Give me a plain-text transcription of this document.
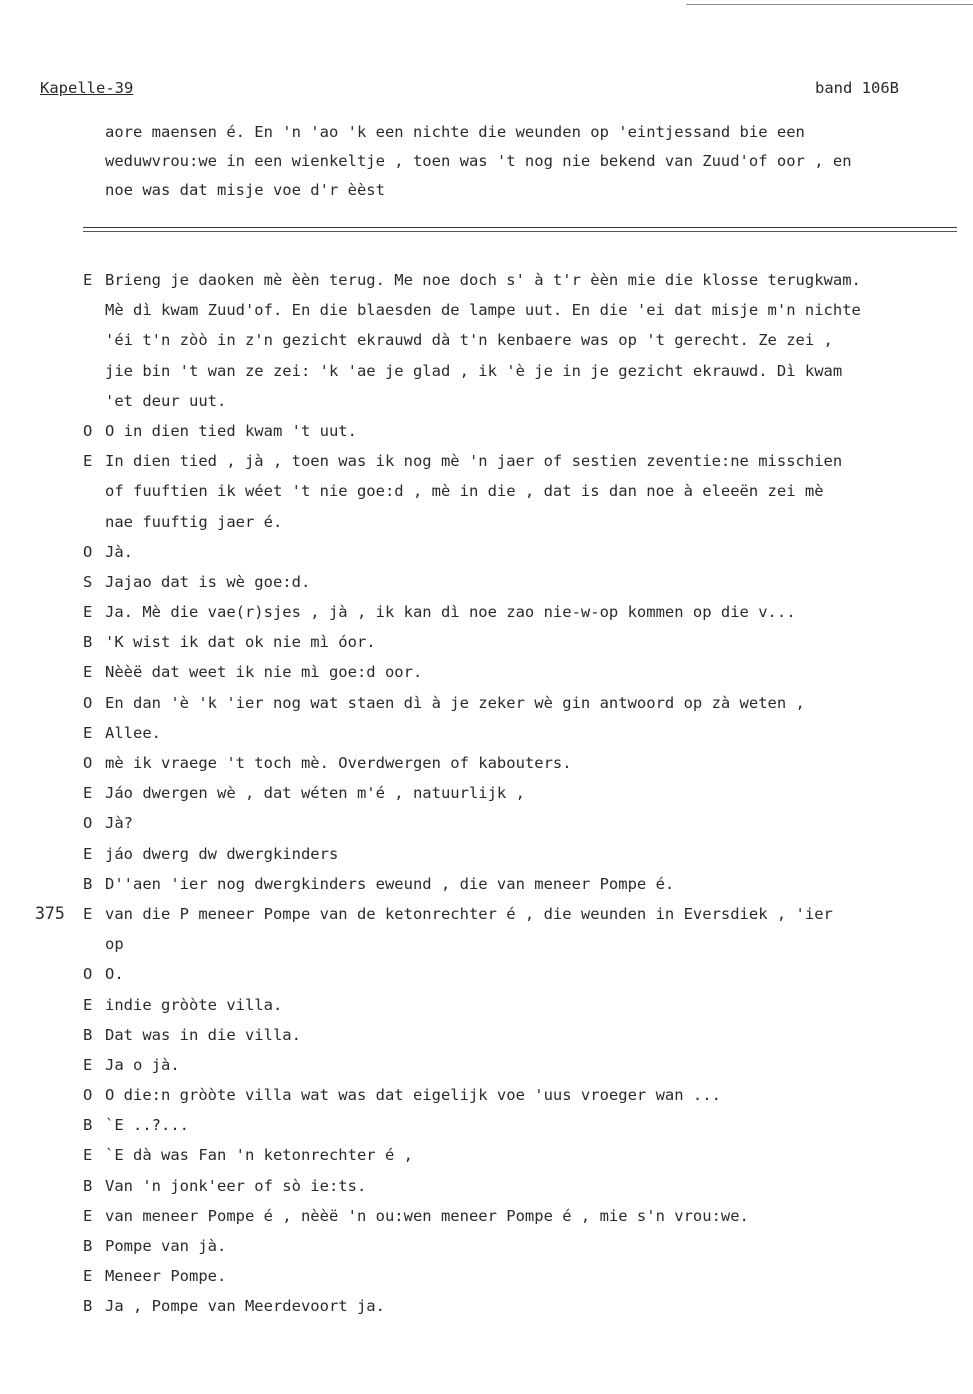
Kapelle-39	band 106B
aore maensen é. En 'n 'ao 'k een nichte die weunden op 'eintjessand bie een
weduwvrou:we in een wienkeltje , toen was 't nog nie bekend van Zuud'of oor , en
noe was dat misje voe d'r èèst
E Brieng je daoken mè èèn terug. Me noe doch s' à t'r èèn mie die klosse terugkwam.
Mè dì kwam Zuud'of. En die blaesden de lampe uut. En die 'ei dat misje m'n nichte
'éi t'n zòò in z'n gezicht ekrauwd dà t'n kenbaere was op 't gerecht. Ze zei ,
jie bin 't wan ze zei: 'k 'ae je glad , ik 'è je in je gezicht ekrauwd. Dì kwam
'et deur uut.
O O in dien tied kwam 't uut.
E In dien tied , jà , toen was ik nog mè 'n jaer of sestien zeventie:ne misschien
of fuuftien ik wéet 't nie goe:d , mè in die , dat is dan noe à eleeën zei mè
nae fuuftig jaer é.
O Jà.
S Jajao dat is wè goe:d.
E Ja. Mè die vae(r)sjes , jà , ik kan dì noe zao nie-w-op kommen op die v...
B 'K wist ik dat ok nie mì óor.
E Nèèë dat weet ik nie mì goe:d oor.
O En dan 'è 'k 'ier nog wat staen dì à je zeker wè gin antwoord op zà weten ,
E Allee.
O mè ik vraege 't toch mè. Overdwergen of kabouters.
E Jáo dwergen wè , dat wéten m'é , natuurlijk ,
O Jà?
E jáo dwerg dw dwergkinders
B D''aen 'ier nog dwergkinders eweund , die van meneer Pompe é.
375 E van die P meneer Pompe van de ketonrechter é , die weunden in Eversdiek , 'ier
op
O O.
E indie gròòte villa.
B Dat was in die villa.
E Ja o jà.
O O die:n gròòte villa wat was dat eigelijk voe 'uus vroeger wan ...
B `E ..?...
E `E dà was Fan 'n ketonrechter é ,
B Van 'n jonk'eer of sò ie:ts.
E van meneer Pompe é , nèèë 'n ou:wen meneer Pompe é , mie s'n vrou:we.
B Pompe van jà.
E Meneer Pompe.
B Ja , Pompe van Meerdevoort ja.
